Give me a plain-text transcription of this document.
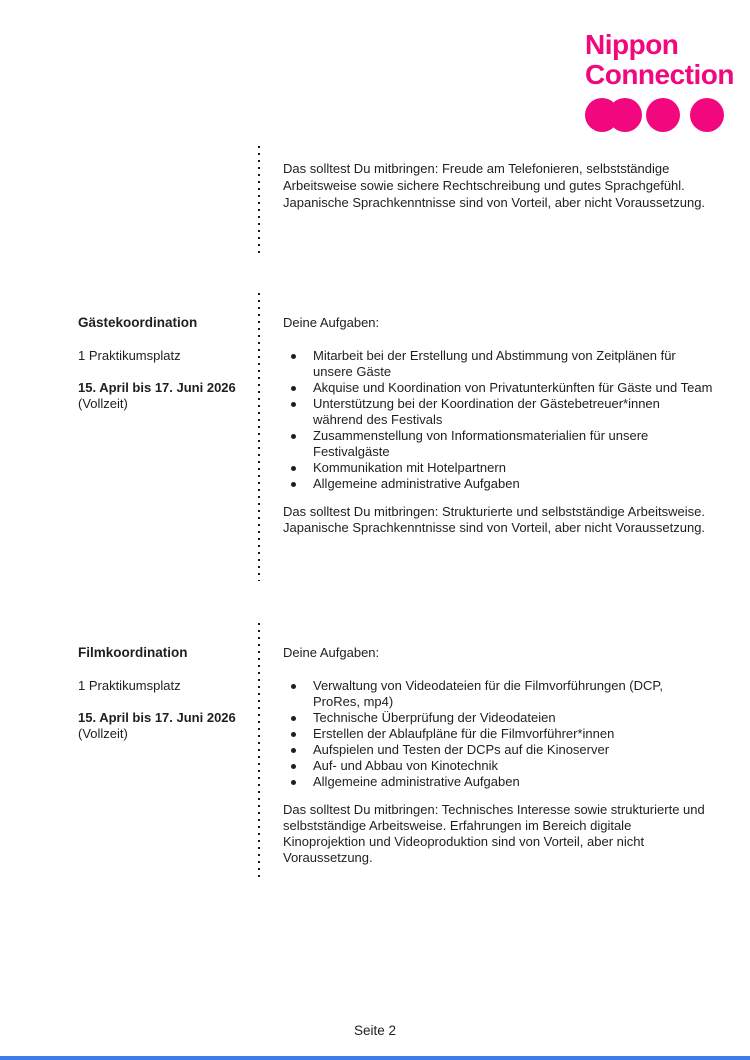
Nippon
Connection

Das solltest Du mitbringen: Freude am Telefonieren, selbstständige Arbeitsweise sowie sichere Rechtschreibung und gutes Sprachgefühl. Japanische Sprachkenntnisse sind von Vorteil, aber nicht Voraussetzung.

Gästekoordination

1 Praktikumsplatz

15. April bis 17. Juni 2026
(Vollzeit)

Deine Aufgaben:

Mitarbeit bei der Erstellung und Abstimmung von Zeitplänen für unsere Gäste
Akquise und Koordination von Privatunterkünften für Gäste und Team
Unterstützung bei der Koordination der Gästebetreuer*innen während des Festivals
Zusammenstellung von Informationsmaterialien für unsere Festivalgäste
Kommunikation mit Hotelpartnern
Allgemeine administrative Aufgaben

Das solltest Du mitbringen: Strukturierte und selbstständige Arbeitsweise. Japanische Sprachkenntnisse sind von Vorteil, aber nicht Voraussetzung.

Filmkoordination

1 Praktikumsplatz

15. April bis 17. Juni 2026
(Vollzeit)

Deine Aufgaben:

Verwaltung von Videodateien für die Filmvorführungen (DCP, ProRes, mp4)
Technische Überprüfung der Videodateien
Erstellen der Ablaufpläne für die Filmvorführer*innen
Aufspielen und Testen der DCPs auf die Kinoserver
Auf- und Abbau von Kinotechnik
Allgemeine administrative Aufgaben

Das solltest Du mitbringen: Technisches Interesse sowie strukturierte und selbstständige Arbeitsweise. Erfahrungen im Bereich digitale Kinoprojektion und Videoproduktion sind von Vorteil, aber nicht Voraussetzung.

Seite 2
